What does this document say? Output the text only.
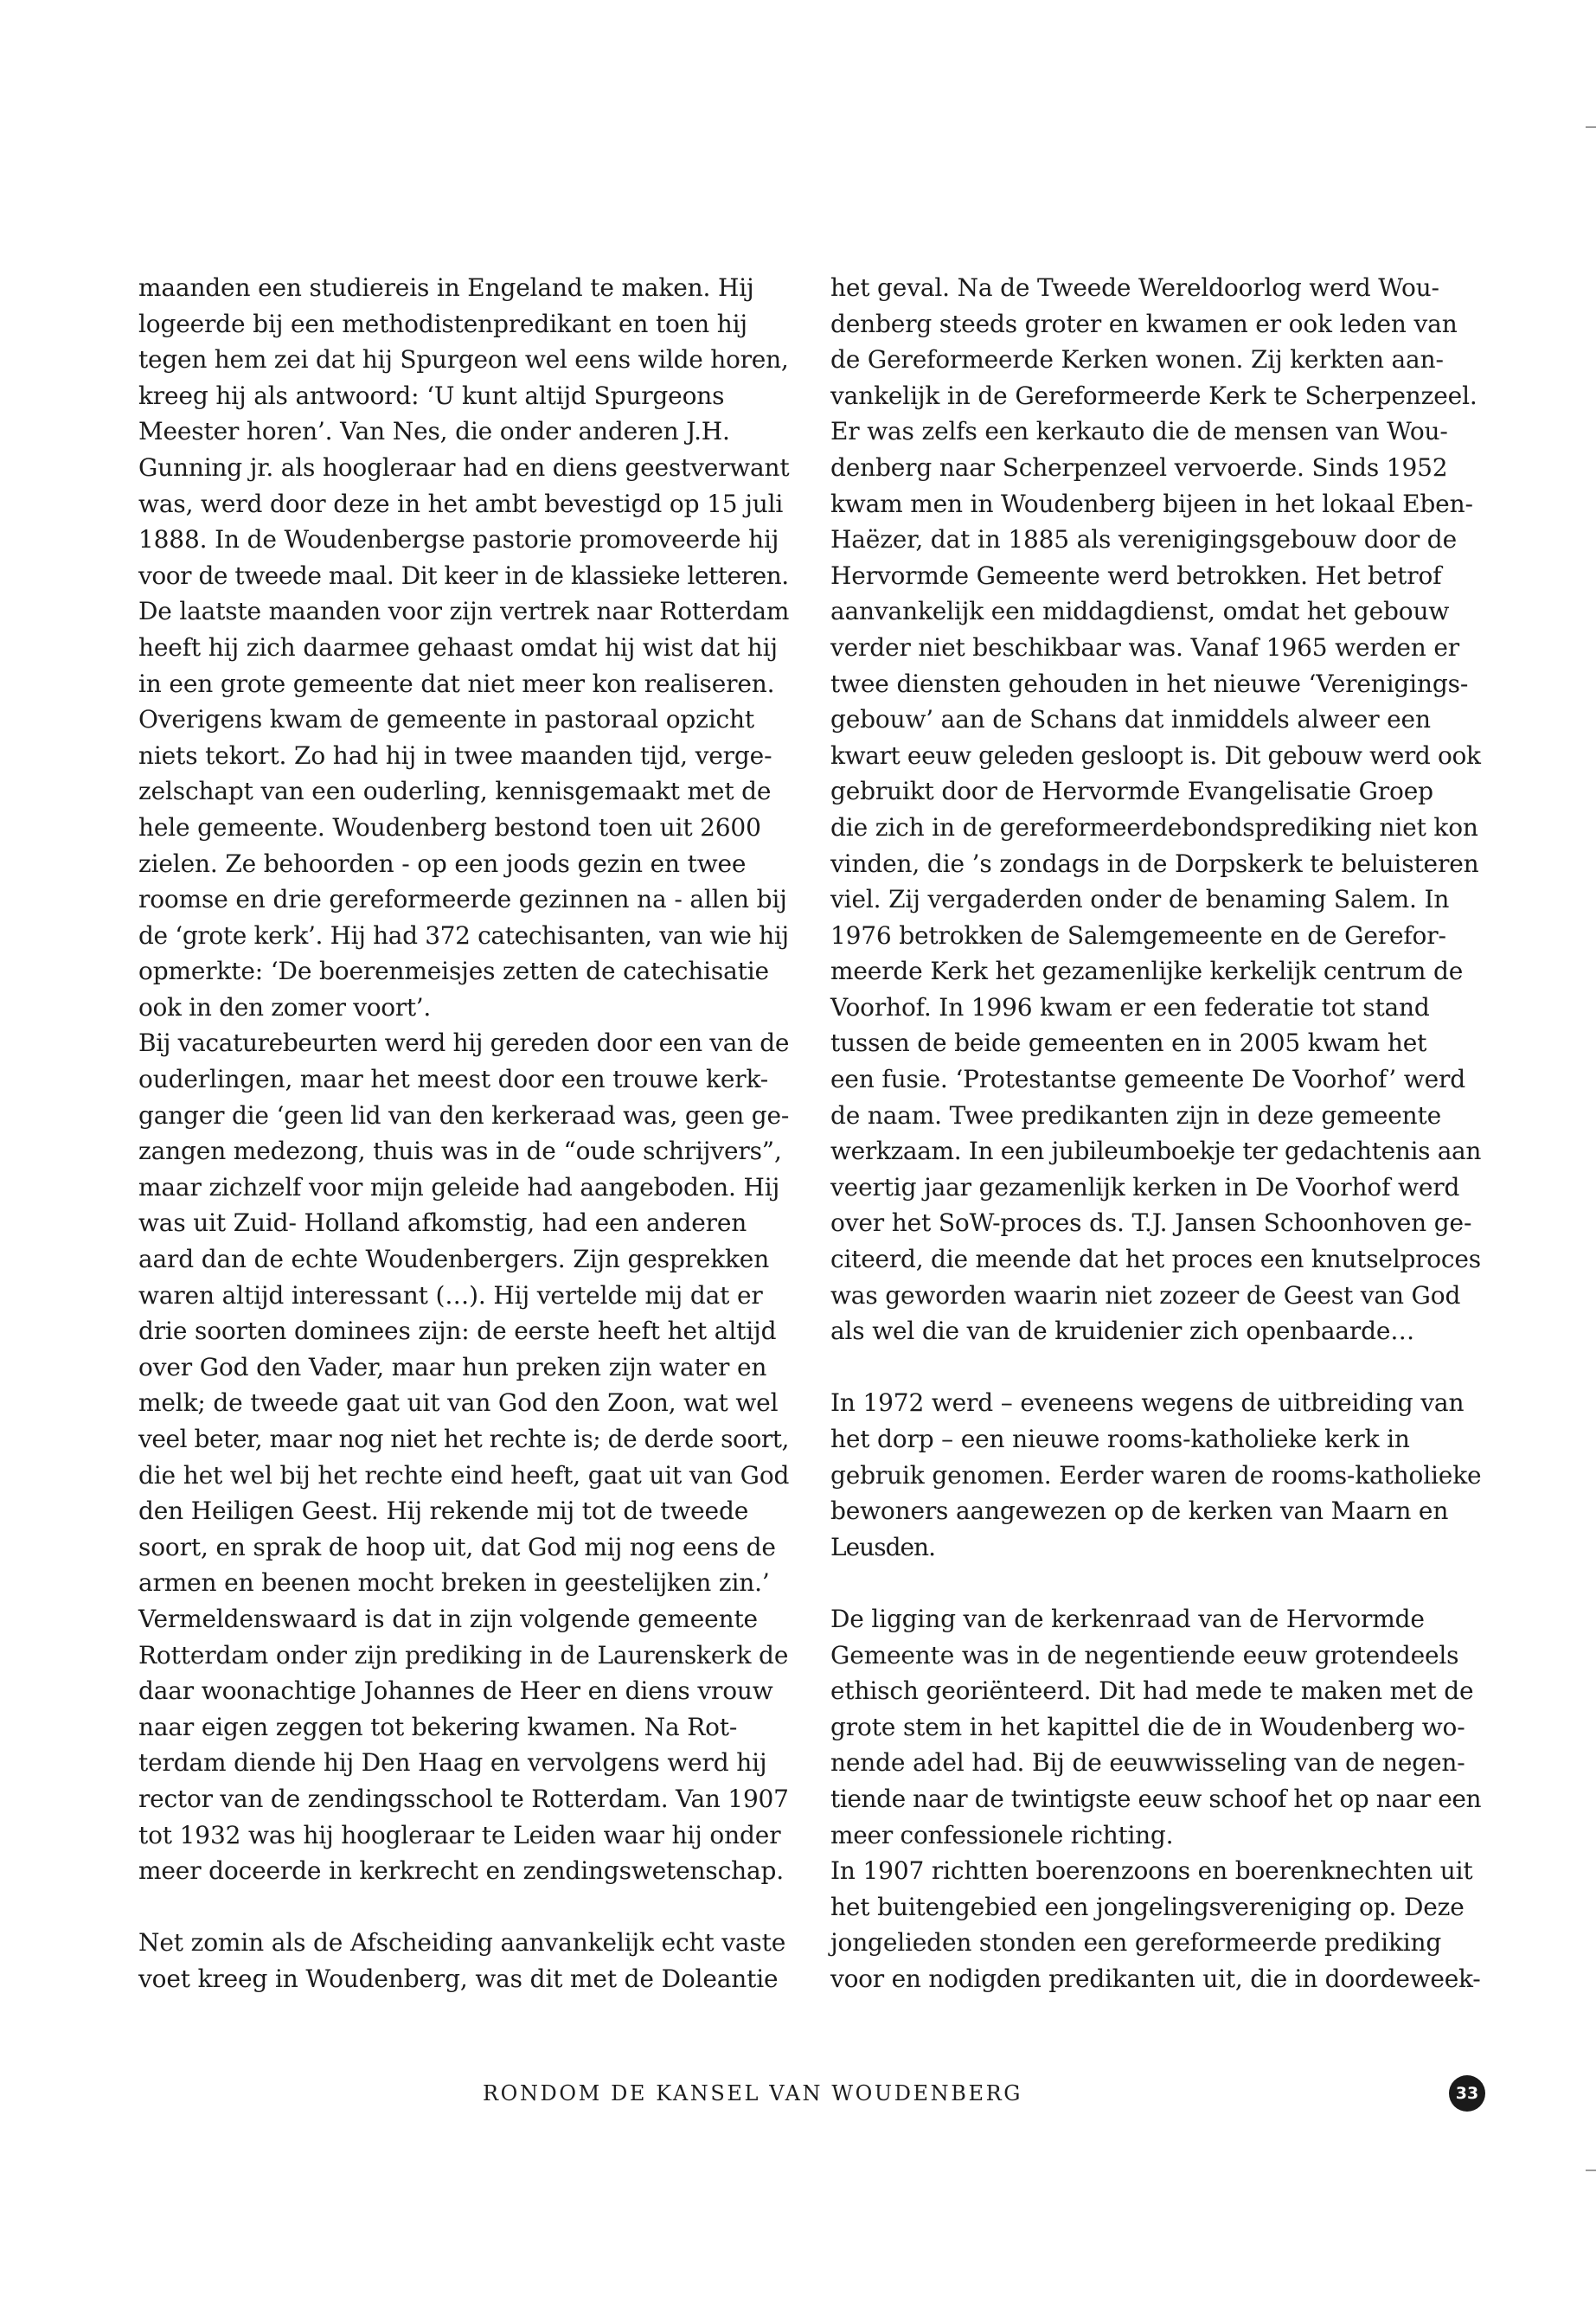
maanden een studiereis in Engeland te maken. Hij
logeerde bij een methodistenpredikant en toen hij
tegen hem zei dat hij Spurgeon wel eens wilde horen,
kreeg hij als antwoord: ‘U kunt altijd Spurgeons
Meester horen’. Van Nes, die onder anderen J.H.
Gunning jr. als hoogleraar had en diens geestverwant
was, werd door deze in het ambt bevestigd op 15 juli
1888. In de Woudenbergse pastorie promoveerde hij
voor de tweede maal. Dit keer in de klassieke letteren.
De laatste maanden voor zijn vertrek naar Rotterdam
heeft hij zich daarmee gehaast omdat hij wist dat hij
in een grote gemeente dat niet meer kon realiseren.
Overigens kwam de gemeente in pastoraal opzicht
niets tekort. Zo had hij in twee maanden tijd, verge-
zelschapt van een ouderling, kennisgemaakt met de
hele gemeente. Woudenberg bestond toen uit 2600
zielen. Ze behoorden - op een joods gezin en twee
roomse en drie gereformeerde gezinnen na - allen bij
de ‘grote kerk’. Hij had 372 catechisanten, van wie hij
opmerkte: ‘De boerenmeisjes zetten de catechisatie
ook in den zomer voort’.
Bij vacaturebeurten werd hij gereden door een van de
ouderlingen, maar het meest door een trouwe kerk-
ganger die ‘geen lid van den kerkeraad was, geen ge-
zangen medezong, thuis was in de “oude schrijvers”,
maar zichzelf voor mijn geleide had aangeboden. Hij
was uit Zuid- Holland afkomstig, had een anderen
aard dan de echte Woudenbergers. Zijn gesprekken
waren altijd interessant (…). Hij vertelde mij dat er
drie soorten dominees zijn: de eerste heeft het altijd
over God den Vader, maar hun preken zijn water en
melk; de tweede gaat uit van God den Zoon, wat wel
veel beter, maar nog niet het rechte is; de derde soort,
die het wel bij het rechte eind heeft, gaat uit van God
den Heiligen Geest. Hij rekende mij tot de tweede
soort, en sprak de hoop uit, dat God mij nog eens de
armen en beenen mocht breken in geestelijken zin.’
Vermeldenswaard is dat in zijn volgende gemeente
Rotterdam onder zijn prediking in de Laurenskerk de
daar woonachtige Johannes de Heer en diens vrouw
naar eigen zeggen tot bekering kwamen. Na Rot-
terdam diende hij Den Haag en vervolgens werd hij
rector van de zendingsschool te Rotterdam. Van 1907
tot 1932 was hij hoogleraar te Leiden waar hij onder
meer doceerde in kerkrecht en zendingswetenschap.
Net zomin als de Afscheiding aanvankelijk echt vaste
voet kreeg in Woudenberg, was dit met de Doleantie
het geval. Na de Tweede Wereldoorlog werd Wou-
denberg steeds groter en kwamen er ook leden van
de Gereformeerde Kerken wonen. Zij kerkten aan-
vankelijk in de Gereformeerde Kerk te Scherpenzeel.
Er was zelfs een kerkauto die de mensen van Wou-
denberg naar Scherpenzeel vervoerde. Sinds 1952
kwam men in Woudenberg bijeen in het lokaal Eben-
Haëzer, dat in 1885 als verenigingsgebouw door de
Hervormde Gemeente werd betrokken. Het betrof
aanvankelijk een middagdienst, omdat het gebouw
verder niet beschikbaar was. Vanaf 1965 werden er
twee diensten gehouden in het nieuwe ‘Verenigings-
gebouw’ aan de Schans dat inmiddels alweer een
kwart eeuw geleden gesloopt is. Dit gebouw werd ook
gebruikt door de Hervormde Evangelisatie Groep
die zich in de gereformeerdebondsprediking niet kon
vinden, die ’s zondags in de Dorpskerk te beluisteren
viel. Zij vergaderden onder de benaming Salem. In
1976 betrokken de Salemgemeente en de Gerefor-
meerde Kerk het gezamenlijke kerkelijk centrum de
Voorhof. In 1996 kwam er een federatie tot stand
tussen de beide gemeenten en in 2005 kwam het
een fusie. ‘Protestantse gemeente De Voorhof’ werd
de naam. Twee predikanten zijn in deze gemeente
werkzaam. In een jubileumboekje ter gedachtenis aan
veertig jaar gezamenlijk kerken in De Voorhof werd
over het SoW-proces ds. T.J. Jansen Schoonhoven ge-
citeerd, die meende dat het proces een knutselproces
was geworden waarin niet zozeer de Geest van God
als wel die van de kruidenier zich openbaarde…
In 1972 werd – eveneens wegens de uitbreiding van
het dorp – een nieuwe rooms-katholieke kerk in
gebruik genomen. Eerder waren de rooms-katholieke
bewoners aangewezen op de kerken van Maarn en
Leusden.
De ligging van de kerkenraad van de Hervormde
Gemeente was in de negentiende eeuw grotendeels
ethisch georiënteerd. Dit had mede te maken met de
grote stem in het kapittel die de in Woudenberg wo-
nende adel had. Bij de eeuwwisseling van de negen-
tiende naar de twintigste eeuw schoof het op naar een
meer confessionele richting.
In 1907 richtten boerenzoons en boerenknechten uit
het buitengebied een jongelingsvereniging op. Deze
jongelieden stonden een gereformeerde prediking
voor en nodigden predikanten uit, die in doordeweek-
RONDOM DE KANSEL VAN WOUDENBERG	33
